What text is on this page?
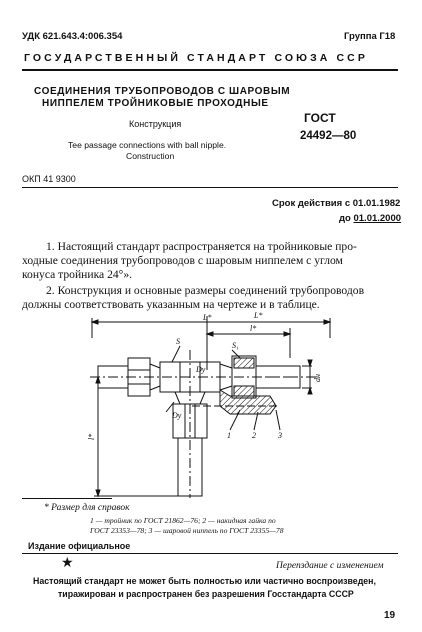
УДК 621.643.4:006.354	Группа Г18
ГОСУДАРСТВЕННЫЙ СТАНДАРТ СОЮЗА ССР
СОЕДИНЕНИЯ ТРУБОПРОВОДОВ С ШАРОВЫМ
НИППЕЛЕМ ТРОЙНИКОВЫЕ ПРОХОДНЫЕ
Конструкция
Tee passage connections with ball nipple.
Construction
ГОСТ
24492—80
ОКП 41 9300
Срок действия с 01.01.1982
до 01.01.2000
1. Настоящий стандарт распространяется на тройниковые про-
ходные соединения трубопроводов с шаровым ниппелем с углом
конуса тройника 24°».
2. Конструкция и основные размеры соединений трубопроводов
должны соответствовать указанным на чертеже и в таблице.
L*
l*
L*
S	S₁
Dy
Dy
dн
l*	1	2	3
* Размер для справок
1 — тройник по ГОСТ 21862—76; 2 — накидная гайка по
ГОСТ 23353—78; 3 — шаровой ниппель по ГОСТ 23355—78
Издание официальное
★	Перепздание с изменением
Настоящий стандарт не может быть полностью или частично воспроизведен,
тиражирован и распространен без разрешения Госстандарта СССР
19
